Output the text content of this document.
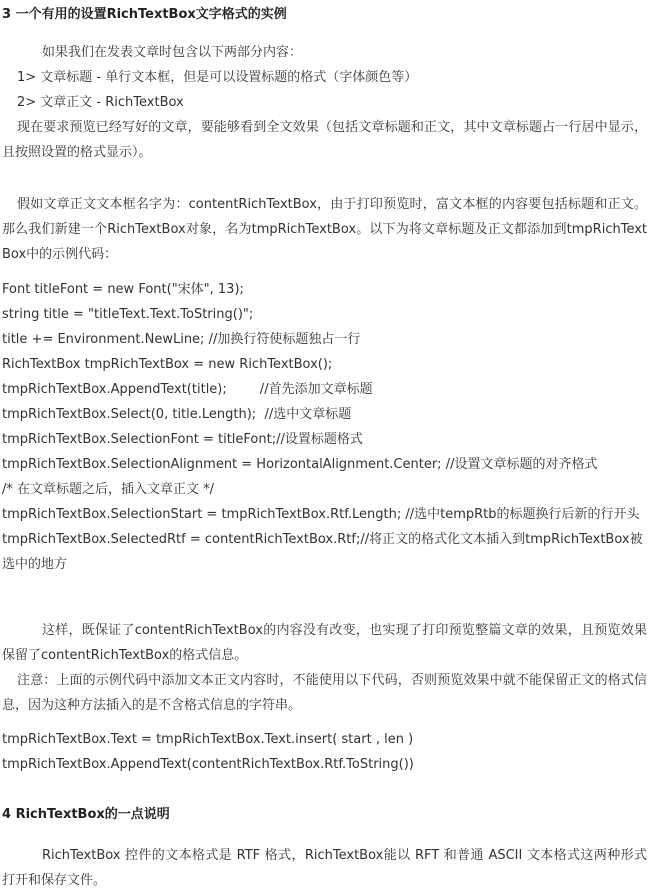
3 一个有用的设置RichTextBox文字格式的实例

如果我们在发表文章时包含以下两部分内容：

1> 文章标题 - 单行文本框，但是可以设置标题的格式（字体颜色等）

2> 文章正文 - RichTextBox

现在要求预览已经写好的文章，要能够看到全文效果（包括文章标题和正文，其中文章标题占一行居中显示，且按照设置的格式显示）。

假如文章正文文本框名字为：contentRichTextBox，由于打印预览时，富文本框的内容要包括标题和正文。那么我们新建一个RichTextBox对象，名为tmpRichTextBox。以下为将文章标题及正文都添加到tmpRichTextBox中的示例代码：

Font titleFont = new Font("宋体", 13);

string title = "titleText.Text.ToString()";

title += Environment.NewLine; //加换行符使标题独占一行

RichTextBox tmpRichTextBox = new RichTextBox();

tmpRichTextBox.AppendText(title);        //首先添加文章标题

tmpRichTextBox.Select(0, title.Length);  //选中文章标题

tmpRichTextBox.SelectionFont = titleFont;//设置标题格式

tmpRichTextBox.SelectionAlignment = HorizontalAlignment.Center; //设置文章标题的对齐格式

/* 在文章标题之后，插入文章正文 */

tmpRichTextBox.SelectionStart = tmpRichTextBox.Rtf.Length; //选中tempRtb的标题换行后新的行开头

tmpRichTextBox.SelectedRtf = contentRichTextBox.Rtf;//将正文的格式化文本插入到tmpRichTextBox被选中的地方

这样，既保证了contentRichTextBox的内容没有改变，也实现了打印预览整篇文章的效果，且预览效果保留了contentRichTextBox的格式信息。

注意：上面的示例代码中添加文本正文内容时，不能使用以下代码，否则预览效果中就不能保留正文的格式信息，因为这种方法插入的是不含格式信息的字符串。

tmpRichTextBox.Text = tmpRichTextBox.Text.insert( start , len )

tmpRichTextBox.AppendText(contentRichTextBox.Rtf.ToString())

4 RichTextBox的一点说明

RichTextBox 控件的文本格式是 RTF 格式，RichTextBox能以 RFT 和普通 ASCII 文本格式这两种形式打开和保存文件。
